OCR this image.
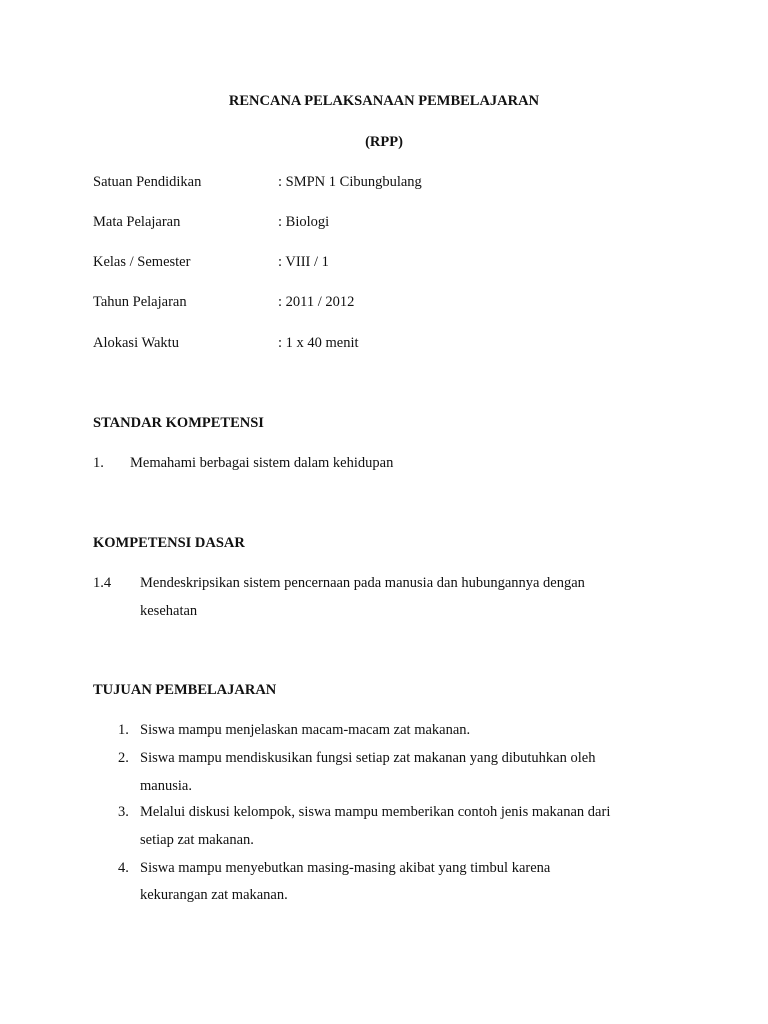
RENCANA PELAKSANAAN PEMBELAJARAN
(RPP)
Satuan Pendidikan	: SMPN 1 Cibungbulang
Mata Pelajaran	: Biologi
Kelas / Semester	: VIII / 1
Tahun Pelajaran	: 2011 / 2012
Alokasi Waktu	: 1 x 40 menit
STANDAR KOMPETENSI
1. Memahami berbagai sistem dalam kehidupan
KOMPETENSI DASAR
1.4 Mendeskripsikan sistem pencernaan pada manusia dan hubungannya dengan
kesehatan
TUJUAN PEMBELAJARAN
1. Siswa mampu menjelaskan macam-macam zat makanan.
2. Siswa mampu mendiskusikan fungsi setiap zat makanan yang dibutuhkan oleh
manusia.
3. Melalui diskusi kelompok, siswa mampu memberikan contoh jenis makanan dari
setiap zat makanan.
4. Siswa mampu menyebutkan masing-masing akibat yang timbul karena
kekurangan zat makanan.
